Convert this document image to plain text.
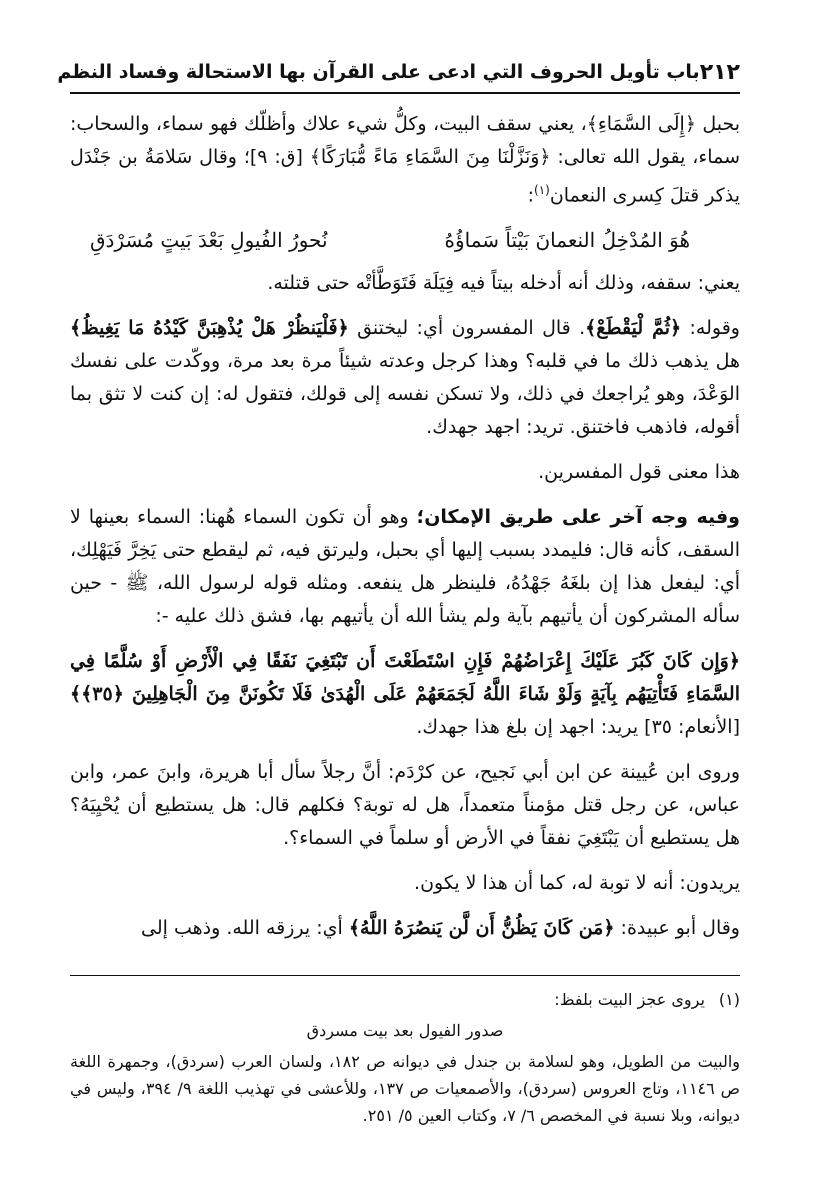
٢١٢
باب تأويل الحروف التي ادعى على القرآن بها الاستحالة وفساد النظم

بحبل ﴿إِلَى السَّمَاءِ﴾، يعني سقف البيت، وكلُّ شيء علاك وأظلّك فهو سماء، والسحاب: سماء، يقول الله تعالى: ﴿وَنَزَّلْنَا مِنَ السَّمَاءِ مَاءً مُّبَارَكًا﴾ [ق: ٩]؛ وقال سَلامَةُ بن جَنْدَل يذكر قتلَ كِسرى النعمان$^{(١)}$:

هُوَ المُدْخِلُ النعمانَ بَيْتاً سَماؤُهُ
نُحورُ الفُيولِ بَعْدَ بَيتٍ مُسَرْدَقِ

يعني: سقفه، وذلك أنه أدخله بيتاً فيه فِيَلَة فَتَوَطَّأتْه حتى قتلته.

وقوله: ﴿ثُمَّ لْيَقْطَعْ﴾. قال المفسرون أي: ليختنق ﴿فَلْيَنظُرْ هَلْ يُذْهِبَنَّ كَيْدُهُ مَا يَغِيظُ﴾ هل يذهب ذلك ما في قلبه؟ وهذا كرجل وعدته شيئاً مرة بعد مرة، ووكّدت على نفسك الوَعْدَ، وهو يُراجعك في ذلك، ولا تسكن نفسه إلى قولك، فتقول له: إن كنت لا تثق بما أقوله، فاذهب فاختنق. تريد: اجهد جهدك.

هذا معنى قول المفسرين.

وفيه وجه آخر على طريق الإمكان؛ وهو أن تكون السماء هُهنا: السماء بعينها لا السقف، كأنه قال: فليمدد بسبب إليها أي بحبل، وليرتق فيه، ثم ليقطع حتى يَخِرَّ فَيَهْلِك، أي: ليفعل هذا إن بلغَهُ جَهْدُهُ، فلينظر هل ينفعه. ومثله قوله لرسول الله، ﷺ - حين سأله المشركون أن يأتيهم بآية ولم يشأ الله أن يأتيهم بها، فشق ذلك عليه -:

﴿وَإِن كَانَ كَبُرَ عَلَيْكَ إِعْرَاضُهُمْ فَإِنِ اسْتَطَعْتَ أَن تَبْتَغِيَ نَفَقًا فِي الْأَرْضِ أَوْ سُلَّمًا فِي السَّمَاءِ فَتَأْتِيَهُم بِآيَةٍ وَلَوْ شَاءَ اللَّهُ لَجَمَعَهُمْ عَلَى الْهُدَىٰ فَلَا تَكُونَنَّ مِنَ الْجَاهِلِينَ ﴿٣٥﴾﴾ [الأنعام: ٣٥] يريد: اجهد إن بلغ هذا جهدك.

وروى ابن عُيينة عن ابن أبي نَجيح، عن كرْدَم: أنَّ رجلاً سأل أبا هريرة، وابنَ عمر، وابن عباس، عن رجل قتل مؤمناً متعمداً، هل له توبة؟ فكلهم قال: هل يستطيع أن يُحْيِيَهُ؟ هل يستطيع أن يَبْتَغِيَ نفقاً في الأرض أو سلماً في السماء؟.

يريدون: أنه لا توبة له، كما أن هذا لا يكون.

وقال أبو عبيدة: ﴿مَن كَانَ يَظُنُّ أَن لَّن يَنصُرَهُ اللَّهُ﴾ أي: يرزقه الله. وذهب إلى

(١)
يروى عجز البيت بلفظ:
صدور الفيول بعد بيت مسردق
والبيت من الطويل، وهو لسلامة بن جندل في ديوانه ص ١٨٢، ولسان العرب (سردق)، وجمهرة اللغة ص ١١٤٦، وتاج العروس (سردق)، والأصمعيات ص ١٣٧، وللأعشى في تهذيب اللغة ٩/ ٣٩٤، وليس في ديوانه، وبلا نسبة في المخصص ٦/ ٧، وكتاب العين ٥/ ٢٥١.
